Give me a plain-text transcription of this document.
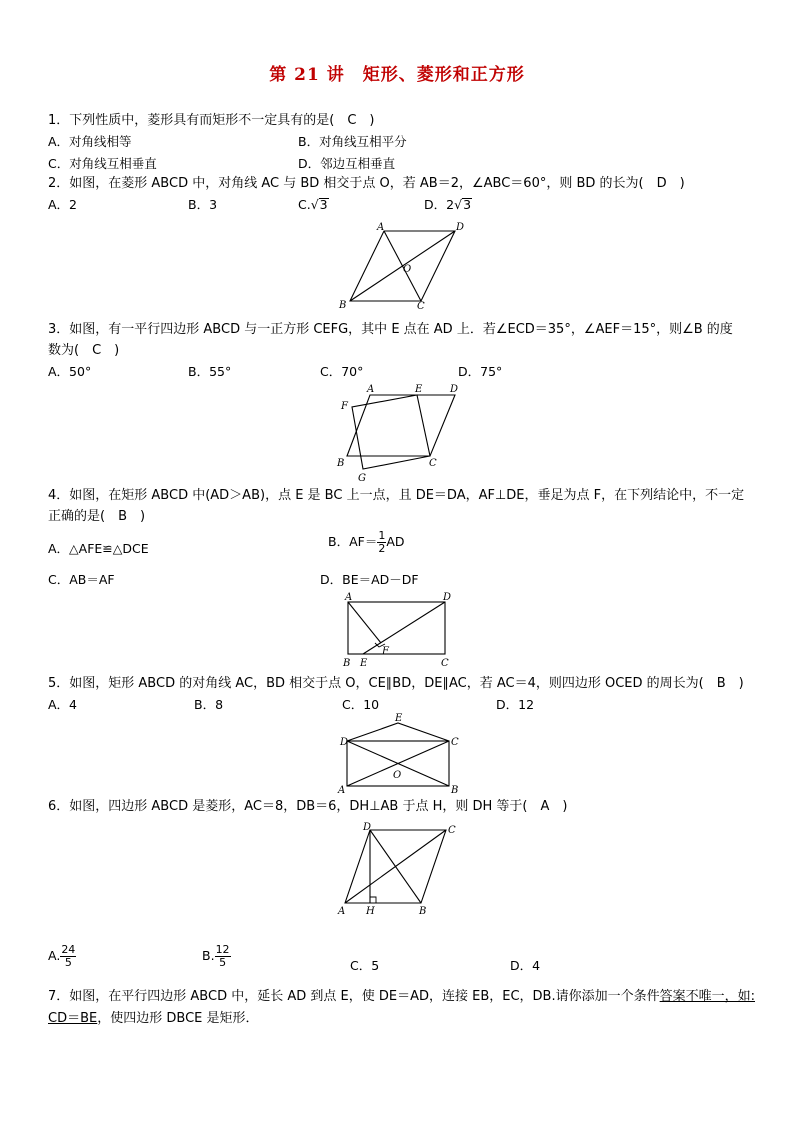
第 21 讲　矩形、菱形和正方形
1．下列性质中，菱形具有而矩形不一定具有的是(　C　)
A．对角线相等	B．对角线互相平分
C．对角线互相垂直	D．邻边互相垂直
2．如图，在菱形 ABCD 中，对角线 AC 与 BD 相交于点 O，若 AB＝2，∠ABC＝60°，则 BD 的长为(　D　)
A．2	B．3	C.√3	D．2√3
A	D
B	C
O
3．如图，有一平行四边形 ABCD 与一正方形 CEFG，其中 E 点在 AD 上．若∠ECD＝35°，∠AEF＝15°，则∠B 的度
数为(　C　)
A．50°	B．55°	C．70°	D．75°
A	E	D
F
B	C
G
4．如图，在矩形 ABCD 中(AD＞AB)，点 E 是 BC 上一点，且 DE＝DA，AF⊥DE，垂足为点 F，在下列结论中，不一定
正确的是(　B　)
A．△AFE≌△DCE	B．$AF= \frac{1}{2}$ AD
C．AB＝AF	D．BE＝AD－DF
A	D
B E
F
C
5．如图，矩形 ABCD 的对角线 AC，BD 相交于点 O，CE∥BD，DE∥AC，若 AC＝4，则四边形 OCED 的周长为(　B　)
A．4	B．8	C．10	D．12
E
D	C
A	B
O
6．如图，四边形 ABCD 是菱形，AC＝8，DB＝6，DH⊥AB 于点 H，则 DH 等于(　A　)
D	C
A H	B
A. $\frac{24}{5}$	B. $\frac{12}{5}$	C．5	D．4
7．如图，在平行四边形 ABCD 中，延长 AD 到点 E，使 DE＝AD，连接 EB，EC，DB.请你添加一个条件答案不唯一，如:
CD＝BE，使四边形 DBCE 是矩形．
